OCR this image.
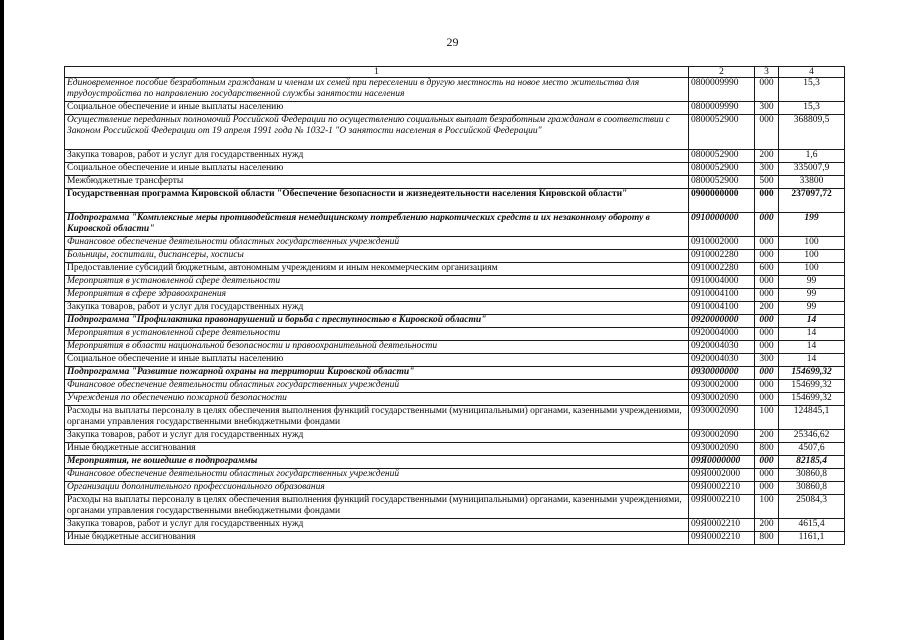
29
1	2	3	4
Единовременное пособие безработным гражданам и членам их семей при переселении в другую местность на новое место жительства для трудоустройства по направлению государственной службы занятости населения	0800009990	000	15,3
Социальное обеспечение и иные выплаты населению	0800009990	300	15,3
Осуществление переданных полномочий Российской Федерации по осуществлению социальных выплат безработным гражданам в соответствии с Законом Российской Федерации от 19 апреля 1991 года № 1032-1 "О занятости населения в Российской Федерации"	0800052900	000	368809,5
Закупка товаров, работ и услуг для государственных нужд	0800052900	200	1,6
Социальное обеспечение и иные выплаты населению	0800052900	300	335007,9
Межбюджетные трансферты	0800052900	500	33800
Государственная программа Кировской области "Обеспечение безопасности и жизнедеятельности населения Кировской области"	0900000000	000	237097,72
Подпрограмма "Комплексные меры противодействия немедицинскому потреблению наркотических средств и их незаконному обороту в Кировской области"	0910000000	000	199
Финансовое обеспечение деятельности областных государственных учреждений	0910002000	000	100
Больницы, госпитали, диспансеры, хосписы	0910002280	000	100
Предоставление субсидий бюджетным, автономным учреждениям и иным некоммерческим организациям	0910002280	600	100
Мероприятия в установленной сфере деятельности	0910004000	000	99
Мероприятия в сфере здравоохранения	0910004100	000	99
Закупка товаров, работ и услуг для государственных нужд	0910004100	200	99
Подпрограмма "Профилактика правонарушений и борьба с преступностью в Кировской области"	0920000000	000	14
Мероприятия в установленной сфере деятельности	0920004000	000	14
Мероприятия в области национальной безопасности и правоохранительной деятельности	0920004030	000	14
Социальное обеспечение и иные выплаты населению	0920004030	300	14
Подпрограмма "Развитие пожарной охраны на территории Кировской области"	0930000000	000	154699,32
Финансовое обеспечение деятельности областных государственных учреждений	0930002000	000	154699,32
Учреждения по обеспечению пожарной безопасности	0930002090	000	154699,32
Расходы на выплаты персоналу в целях обеспечения выполнения функций государственными (муниципальными) органами, казенными учреждениями, органами управления государственными внебюджетными фондами	0930002090	100	124845,1
Закупка товаров, работ и услуг для государственных нужд	0930002090	200	25346,62
Иные бюджетные ассигнования	0930002090	800	4507,6
Мероприятия, не вошедшие в подпрограммы	09Я0000000	000	82185,4
Финансовое обеспечение деятельности областных государственных учреждений	09Я0002000	000	30860,8
Организации дополнительного профессионального образования	09Я0002210	000	30860,8
Расходы на выплаты персоналу в целях обеспечения выполнения функций государственными (муниципальными) органами, казенными учреждениями, органами управления государственными внебюджетными фондами	09Я0002210	100	25084,3
Закупка товаров, работ и услуг для государственных нужд	09Я0002210	200	4615,4
Иные бюджетные ассигнования	09Я0002210	800	1161,1
